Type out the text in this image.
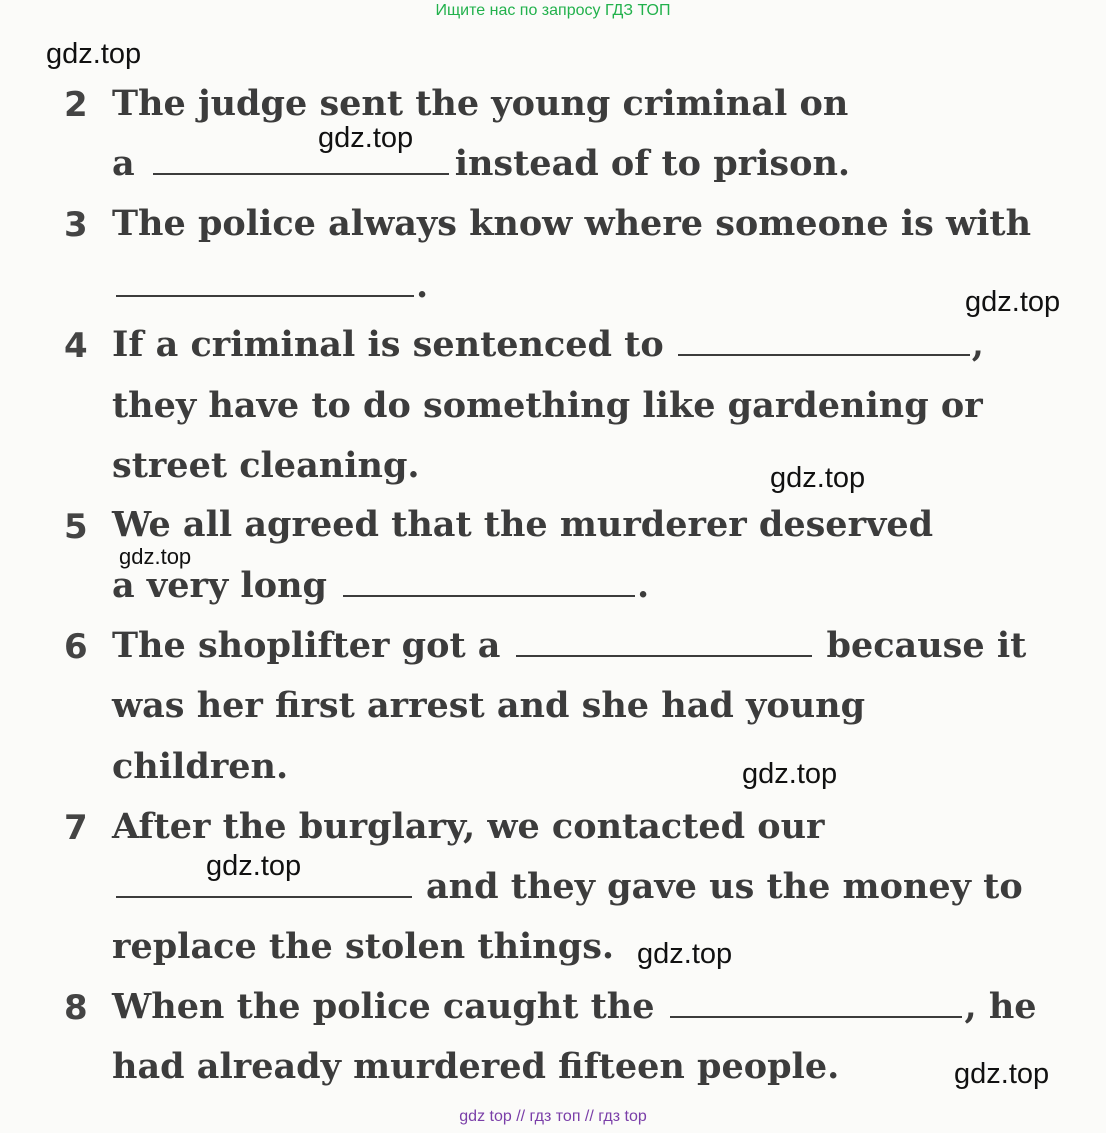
Ищите нас по запросу ГДЗ ТОП
gdz.top
gdz.top
gdz.top
gdz.top
gdz.top
gdz.top
gdz.top
gdz.top
gdz.top
2 The judge sent the young criminal on
a	instead of to prison.
3 The police always know where someone is with
.
4 If a criminal is sentenced to	,
they have to do something like gardening or
street cleaning.
5 We all agreed that the murderer deserved
a very long	.
6 The shoplifter got a	because it
was her first arrest and she had young
children.
7 After the burglary, we contacted our
and they gave us the money to
replace the stolen things.
8 When the police caught the	, he
had already murdered fifteen people.
gdz top // гдз топ // гдз top
